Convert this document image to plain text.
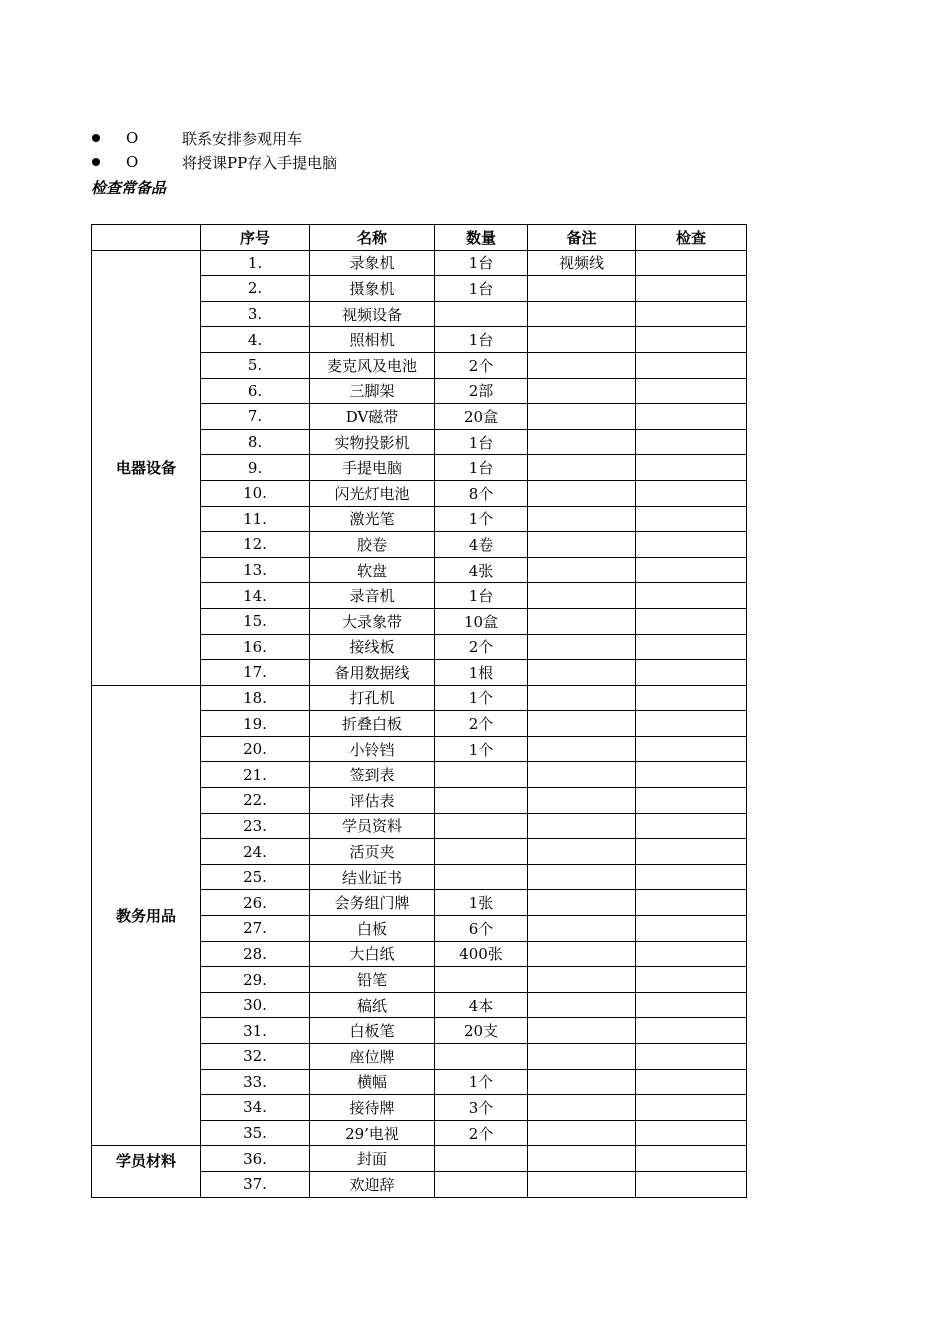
O	联系安排参观用车
O	将授课PP存入手提电脑
检查常备品
	序号	名称	数量	备注	检查
电器设备	1.	录象机	1台	视频线	
	2.	摄象机	1台		
	3.	视频设备			
	4.	照相机	1台		
	5.	麦克风及电池	2个		
	6.	三脚架	2部		
	7.	DV磁带	20盒		
	8.	实物投影机	1台		
	9.	手提电脑	1台		
	10.	闪光灯电池	8个		
	11.	激光笔	1个		
	12.	胶卷	4卷		
	13.	软盘	4张		
	14.	录音机	1台		
	15.	大录象带	10盒		
	16.	接线板	2个		
	17.	备用数据线	1根		
教务用品	18.	打孔机	1个		
	19.	折叠白板	2个		
	20.	小铃铛	1个		
	21.	签到表			
	22.	评估表			
	23.	学员资料			
	24.	活页夹			
	25.	结业证书			
	26.	会务组门牌	1张		
	27.	白板	6个		
	28.	大白纸	400张		
	29.	铅笔			
	30.	稿纸	4本		
	31.	白板笔	20支		
	32.	座位牌			
	33.	横幅	1个		
	34.	接待牌	3个		
	35.	29’电视	2个		
学员材料	36.	封面			
	37.	欢迎辞			
